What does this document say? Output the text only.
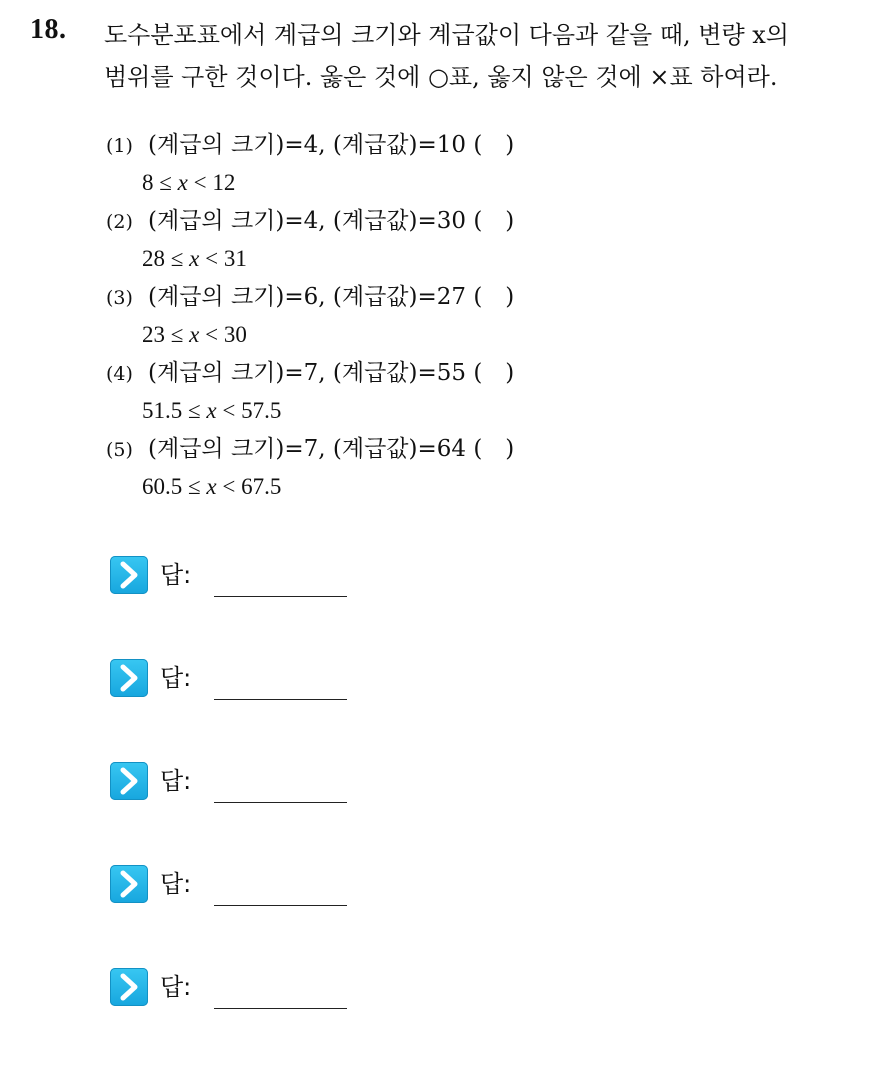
18. 도수분포표에서 계급의 크기와 계급값이 다음과 같을 때, 변량 x의
범위를 구한 것이다. 옳은 것에 ○표, 옳지 않은 것에 ×표 하여라.
(1) (계급의 크기)=4, (계급값)=10 ( )
8 ≤ x < 12
(2) (계급의 크기)=4, (계급값)=30 ( )
28 ≤ x < 31
(3) (계급의 크기)=6, (계급값)=27 ( )
23 ≤ x < 30
(4) (계급의 크기)=7, (계급값)=55 ( )
51.5 ≤ x < 57.5
(5) (계급의 크기)=7, (계급값)=64 ( )
60.5 ≤ x < 67.5
답:
답:
답:
답:
답:
